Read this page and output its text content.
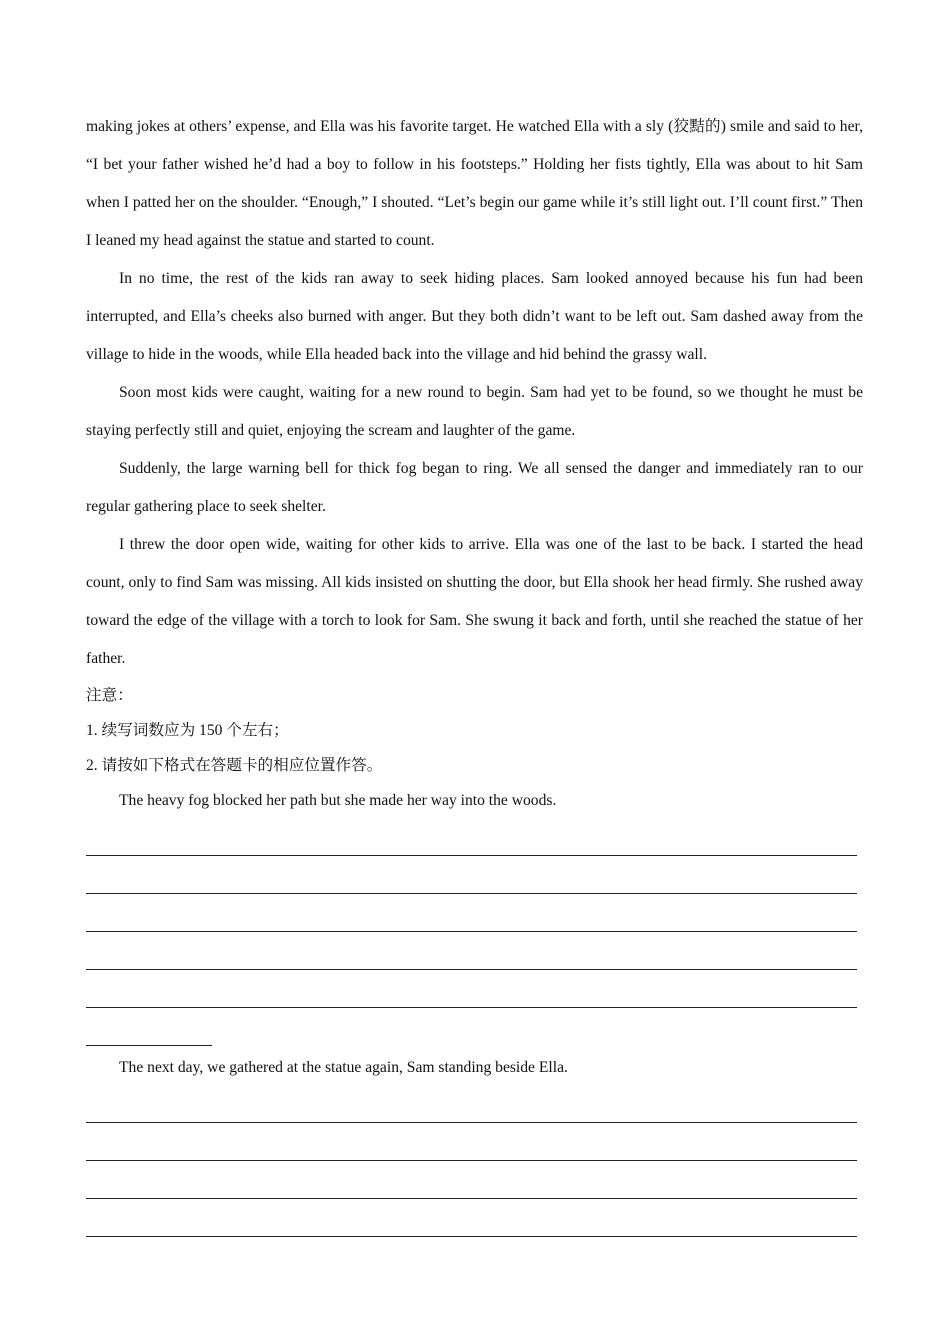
making jokes at others’ expense, and Ella was his favorite target. He watched Ella with a sly (狡黠的) smile and said to her, “I bet your father wished he’d had a boy to follow in his footsteps.” Holding her fists tightly, Ella was about to hit Sam when I patted her on the shoulder. “Enough,” I shouted. “Let’s begin our game while it’s still light out. I’ll count first.” Then I leaned my head against the statue and started to count.

In no time, the rest of the kids ran away to seek hiding places. Sam looked annoyed because his fun had been interrupted, and Ella’s cheeks also burned with anger. But they both didn’t want to be left out. Sam dashed away from the village to hide in the woods, while Ella headed back into the village and hid behind the grassy wall.

Soon most kids were caught, waiting for a new round to begin. Sam had yet to be found, so we thought he must be staying perfectly still and quiet, enjoying the scream and laughter of the game.

Suddenly, the large warning bell for thick fog began to ring. We all sensed the danger and immediately ran to our regular gathering place to seek shelter.

I threw the door open wide, waiting for other kids to arrive. Ella was one of the last to be back. I started the head count, only to find Sam was missing. All kids insisted on shutting the door, but Ella shook her head firmly. She rushed away toward the edge of the village with a torch to look for Sam. She swung it back and forth, until she reached the statue of her father.

注意：

1. 续写词数应为 150 个左右；

2. 请按如下格式在答题卡的相应位置作答。

The heavy fog blocked her path but she made her way into the woods.

The next day, we gathered at the statue again, Sam standing beside Ella.
